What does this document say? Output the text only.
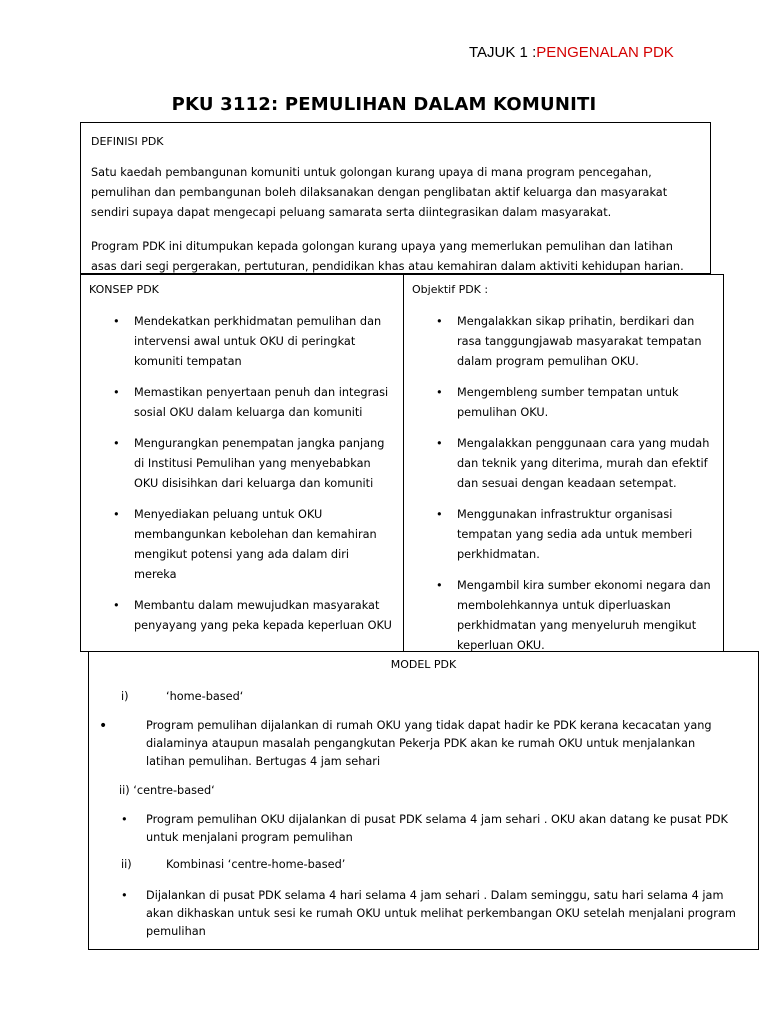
TAJUK 1 :PENGENALAN PDK
PKU 3112: PEMULIHAN DALAM KOMUNITI
DEFINISI PDK

Satu kaedah pembangunan komuniti untuk golongan kurang upaya di mana program pencegahan, pemulihan dan pembangunan boleh dilaksanakan dengan penglibatan aktif keluarga dan masyarakat sendiri supaya dapat mengecapi peluang samarata serta diintegrasikan dalam masyarakat.

Program PDK ini ditumpukan kepada golongan kurang upaya yang memerlukan pemulihan dan latihan asas dari segi pergerakan, pertuturan, pendidikan khas atau kemahiran dalam aktiviti kehidupan harian.

KONSEP PDK
• Mendekatkan perkhidmatan pemulihan dan intervensi awal untuk OKU di peringkat komuniti tempatan
• Memastikan penyertaan penuh dan integrasi sosial OKU dalam keluarga dan komuniti
• Mengurangkan penempatan jangka panjang di Institusi Pemulihan yang menyebabkan OKU disisihkan dari keluarga dan komuniti
• Menyediakan peluang untuk OKU membangunkan kebolehan dan kemahiran mengikut potensi yang ada dalam diri mereka
• Membantu dalam mewujudkan masyarakat penyayang yang peka kepada keperluan OKU
Objektif PDK :
• Mengalakkan sikap prihatin, berdikari dan rasa tanggungjawab masyarakat tempatan dalam program pemulihan OKU.
• Mengembleng sumber tempatan untuk pemulihan OKU.
• Mengalakkan penggunaan cara yang mudah dan teknik yang diterima, murah dan efektif dan sesuai dengan keadaan setempat.
• Menggunakan infrastruktur organisasi tempatan yang sedia ada untuk memberi perkhidmatan.
• Mengambil kira sumber ekonomi negara dan membolehkannya untuk diperluaskan perkhidmatan yang menyeluruh mengikut keperluan OKU.
MODEL PDK
i)	‘home-based‘
•	Program pemulihan dijalankan di rumah OKU yang tidak dapat hadir ke PDK kerana kecacatan yang dialaminya ataupun masalah pengangkutan Pekerja PDK akan ke rumah OKU untuk menjalankan latihan pemulihan. Bertugas 4 jam sehari
ii) ‘centre-based‘
• Program pemulihan OKU dijalankan di pusat PDK selama 4 jam sehari . OKU akan datang ke pusat PDK untuk menjalani program pemulihan
ii)	Kombinasi ‘centre-home-based’
• Dijalankan di pusat PDK selama 4 hari selama 4 jam sehari . Dalam seminggu, satu hari selama 4 jam akan dikhaskan untuk sesi ke rumah OKU untuk melihat perkembangan OKU setelah menjalani program pemulihan
